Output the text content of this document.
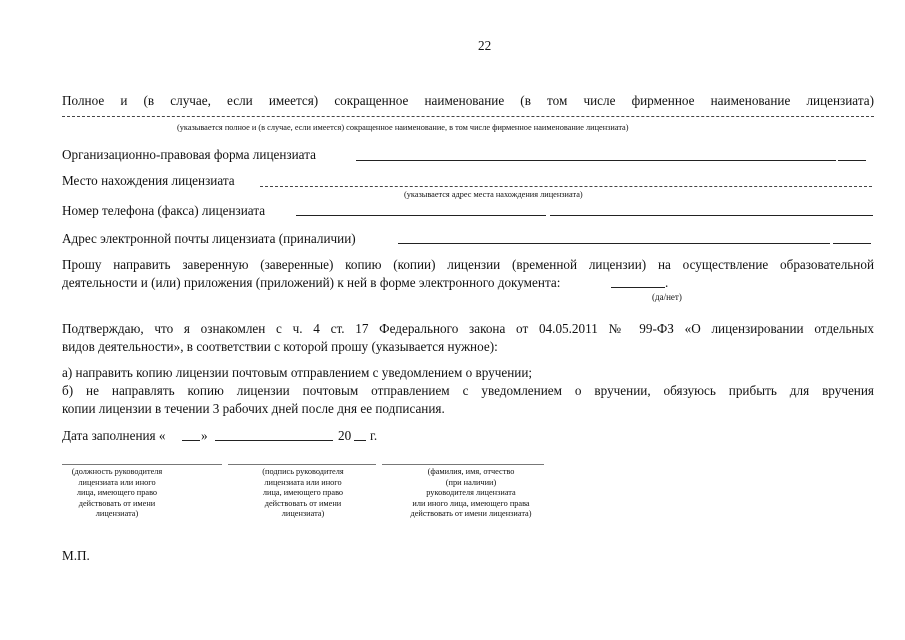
22
Полное и (в случае, если имеется) сокращенное наименование (в том числе фирменное наименование лицензиата)
(указывается полное и (в случае, если имеется) сокращенное наименование, в том числе фирменное наименование лицензиата)
Организационно-правовая форма лицензиата
Место нахождения лицензиата
(указывается адрес места нахождения лицензиата)
Номер телефона (факса) лицензиата
Адрес электронной почты лицензиата (приналичии)
Прошу направить заверенную (заверенные) копию (копии) лицензии (временной лицензии) на осуществление образовательной
деятельности и (или) приложения (приложений) к ней в форме электронного документа:	.
(да/нет)
Подтверждаю, что я ознакомлен с ч. 4 ст. 17 Федерального закона от 04.05.2011 № 99-ФЗ «О лицензировании отдельных
видов деятельности», в соответствии с которой прошу (указывается нужное):
а) направить копию лицензии почтовым отправлением с уведомлением о вручении;
б) не направлять копию лицензии почтовым отправлением с уведомлением о вручении, обязуюсь прибыть для вручения
копии лицензии в течении 3 рабочих дней после дня ее подписания.
Дата заполнения «	»	20 г.
(должность руководителя
лицензиата или иного
лица, имеющего право
действовать от имени
лицензиата)
(подпись руководителя
лицензиата или иного
лица, имеющего право
действовать от имени
лицензиата)
(фамилия, имя, отчество
(при наличии)
руководителя лицензиата
или иного лица, имеющего права
действовать от имени лицензиата)
М.П.
